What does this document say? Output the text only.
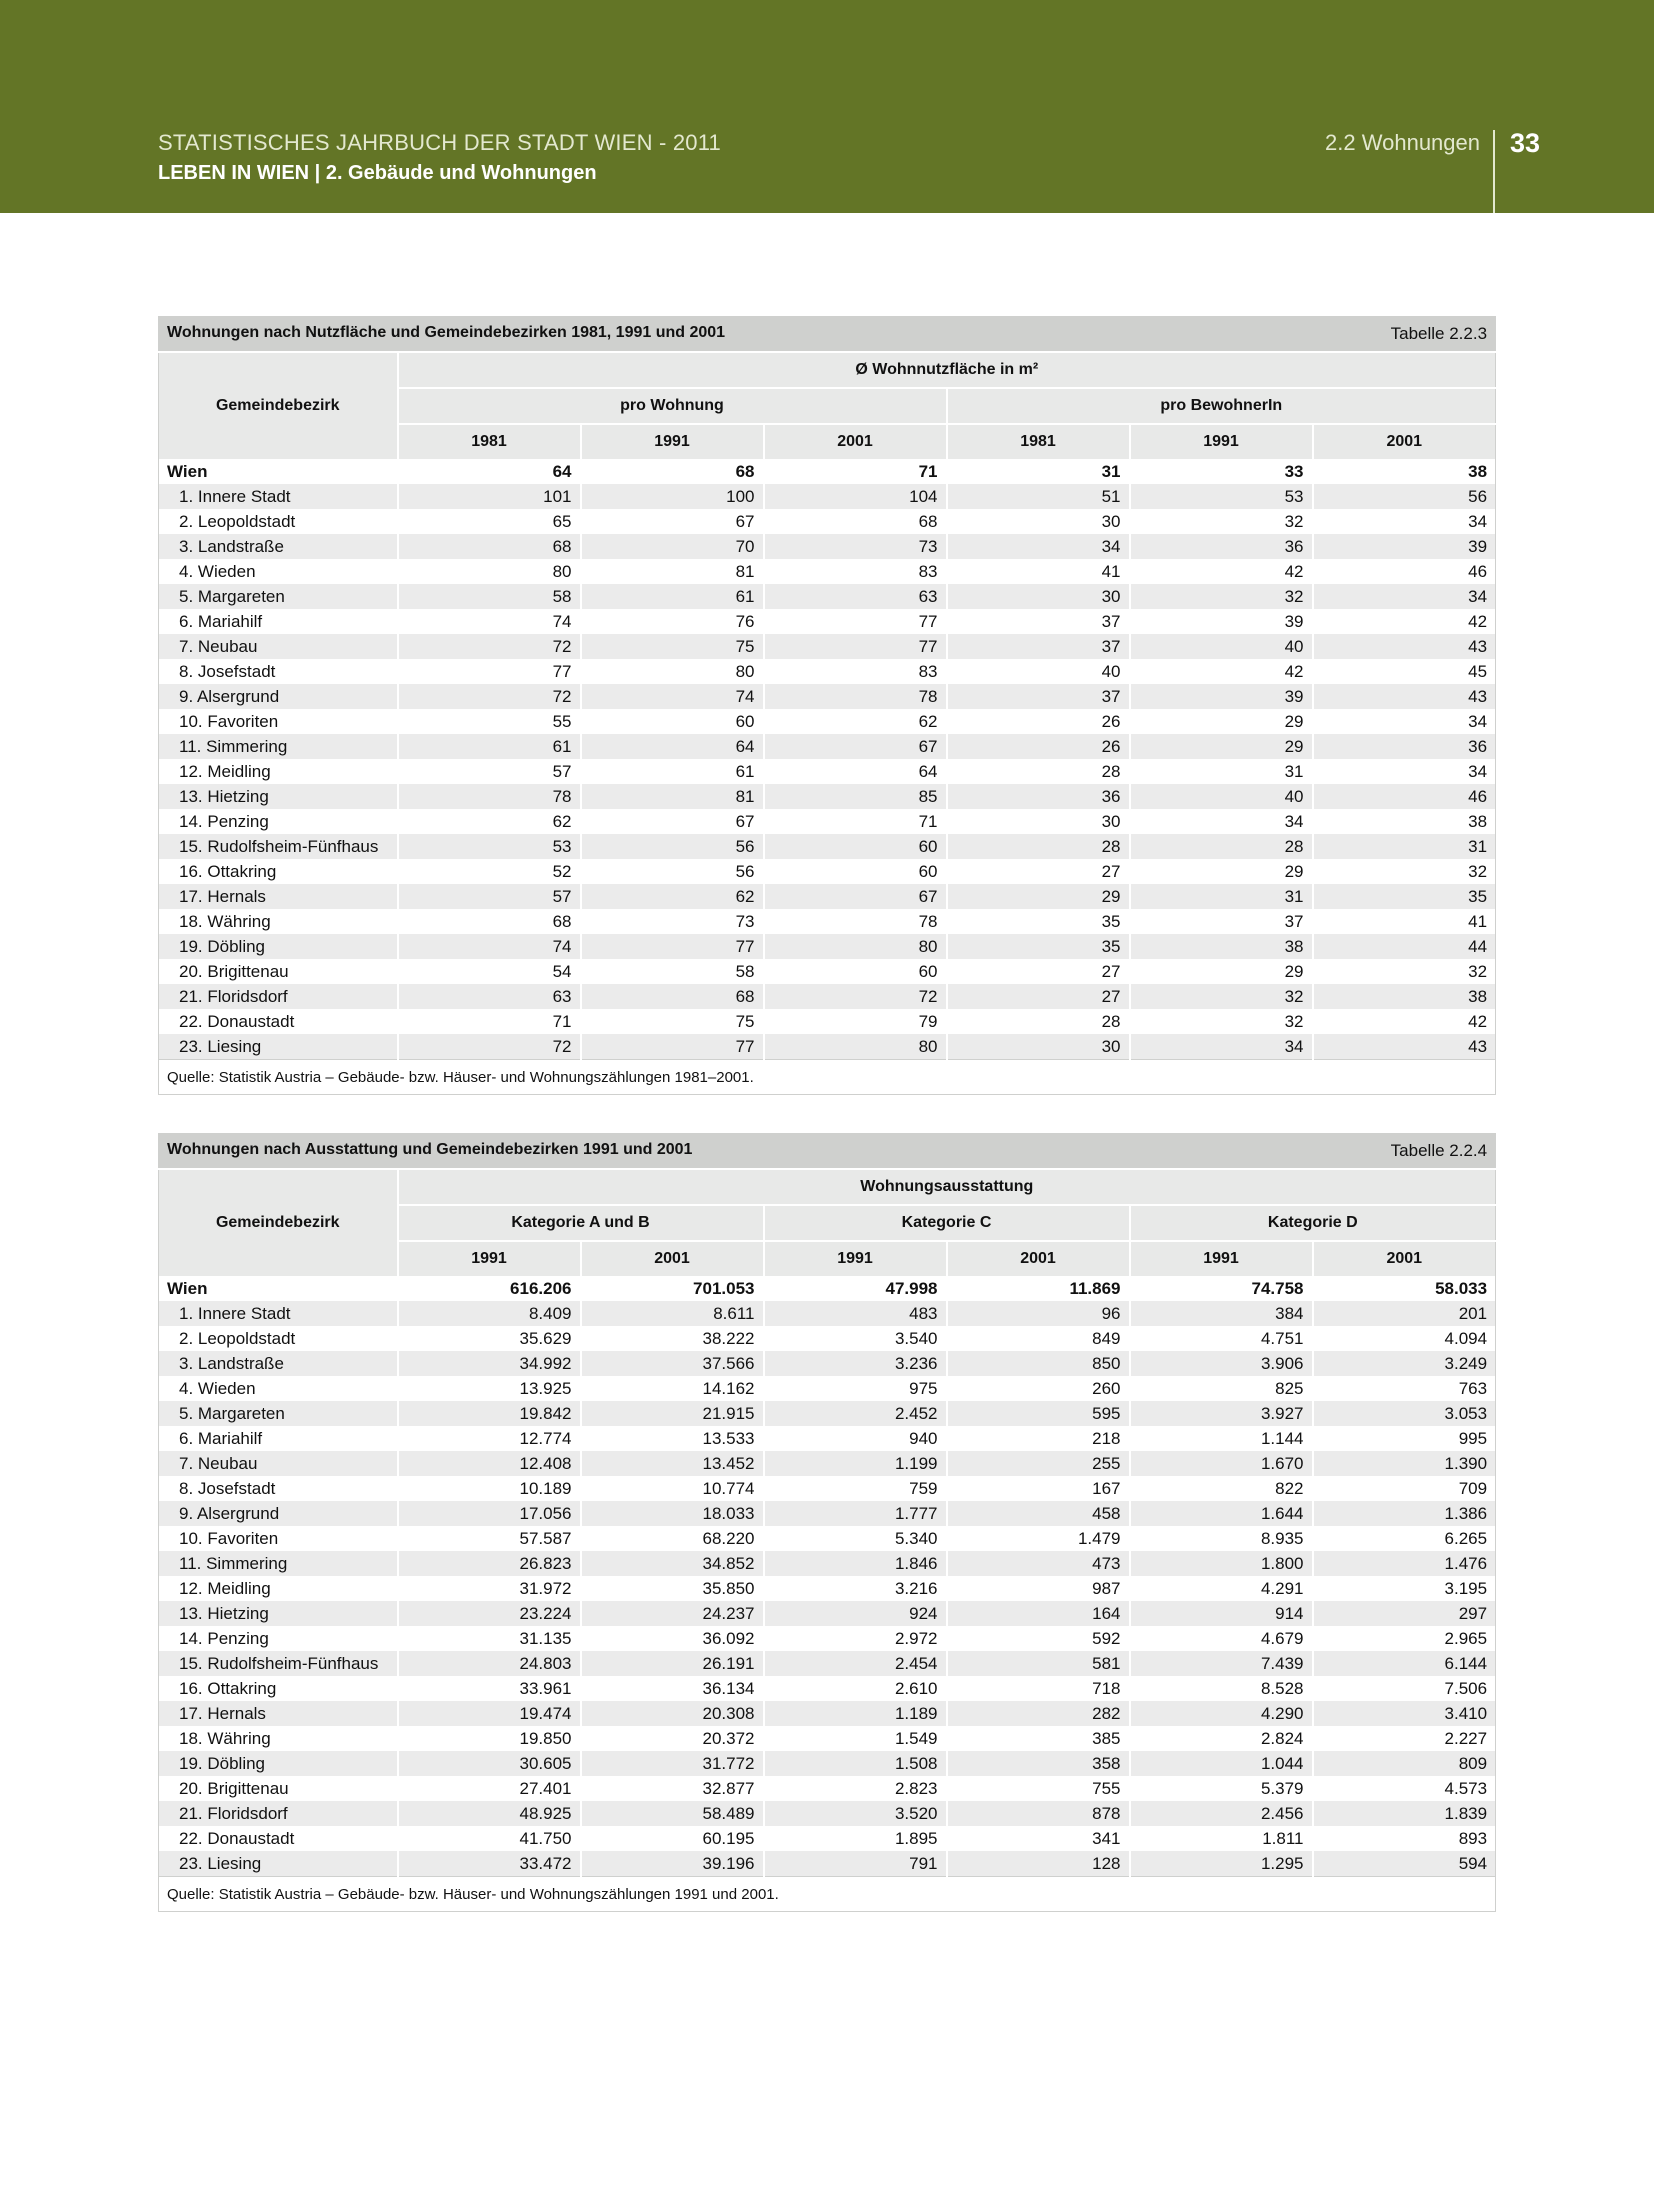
STATISTISCHES JAHRBUCH DER STADT WIEN - 2011
LEBEN IN WIEN | 2. Gebäude und Wohnungen
2.2 Wohnungen 33
Tabelle 2.2.3
Wohnungen nach Nutzfläche und Gemeindebezirken 1981, 1991 und 2001						
Gemeindebezirk	Ø Wohnnutzfläche in m²					
	pro Wohnung			pro BewohnerIn		
	1981	1991	2001	1981	1991	2001
Wien	64	68	71	31	33	38
1. Innere Stadt	101	100	104	51	53	56
2. Leopoldstadt	65	67	68	30	32	34
3. Landstraße	68	70	73	34	36	39
4. Wieden	80	81	83	41	42	46
5. Margareten	58	61	63	30	32	34
6. Mariahilf	74	76	77	37	39	42
7. Neubau	72	75	77	37	40	43
8. Josefstadt	77	80	83	40	42	45
9. Alsergrund	72	74	78	37	39	43
10. Favoriten	55	60	62	26	29	34
11. Simmering	61	64	67	26	29	36
12. Meidling	57	61	64	28	31	34
13. Hietzing	78	81	85	36	40	46
14. Penzing	62	67	71	30	34	38
15. Rudolfsheim-Fünfhaus	53	56	60	28	28	31
16. Ottakring	52	56	60	27	29	32
17. Hernals	57	62	67	29	31	35
18. Währing	68	73	78	35	37	41
19. Döbling	74	77	80	35	38	44
20. Brigittenau	54	58	60	27	29	32
21. Floridsdorf	63	68	72	27	32	38
22. Donaustadt	71	75	79	28	32	42
23. Liesing	72	77	80	30	34	43
Quelle: Statistik Austria – Gebäude- bzw. Häuser- und Wohnungszählungen 1981–2001.						
Tabelle 2.2.4
Wohnungen nach Ausstattung und Gemeindebezirken 1991 und 2001						
Gemeindebezirk	Wohnungsausstattung					
	Kategorie A und B		Kategorie C		Kategorie D	
	1991	2001	1991	2001	1991	2001
Wien	616.206	701.053	47.998	11.869	74.758	58.033
1. Innere Stadt	8.409	8.611	483	96	384	201
2. Leopoldstadt	35.629	38.222	3.540	849	4.751	4.094
3. Landstraße	34.992	37.566	3.236	850	3.906	3.249
4. Wieden	13.925	14.162	975	260	825	763
5. Margareten	19.842	21.915	2.452	595	3.927	3.053
6. Mariahilf	12.774	13.533	940	218	1.144	995
7. Neubau	12.408	13.452	1.199	255	1.670	1.390
8. Josefstadt	10.189	10.774	759	167	822	709
9. Alsergrund	17.056	18.033	1.777	458	1.644	1.386
10. Favoriten	57.587	68.220	5.340	1.479	8.935	6.265
11. Simmering	26.823	34.852	1.846	473	1.800	1.476
12. Meidling	31.972	35.850	3.216	987	4.291	3.195
13. Hietzing	23.224	24.237	924	164	914	297
14. Penzing	31.135	36.092	2.972	592	4.679	2.965
15. Rudolfsheim-Fünfhaus	24.803	26.191	2.454	581	7.439	6.144
16. Ottakring	33.961	36.134	2.610	718	8.528	7.506
17. Hernals	19.474	20.308	1.189	282	4.290	3.410
18. Währing	19.850	20.372	1.549	385	2.824	2.227
19. Döbling	30.605	31.772	1.508	358	1.044	809
20. Brigittenau	27.401	32.877	2.823	755	5.379	4.573
21. Floridsdorf	48.925	58.489	3.520	878	2.456	1.839
22. Donaustadt	41.750	60.195	1.895	341	1.811	893
23. Liesing	33.472	39.196	791	128	1.295	594
Quelle: Statistik Austria – Gebäude- bzw. Häuser- und Wohnungszählungen 1991 und 2001.						
